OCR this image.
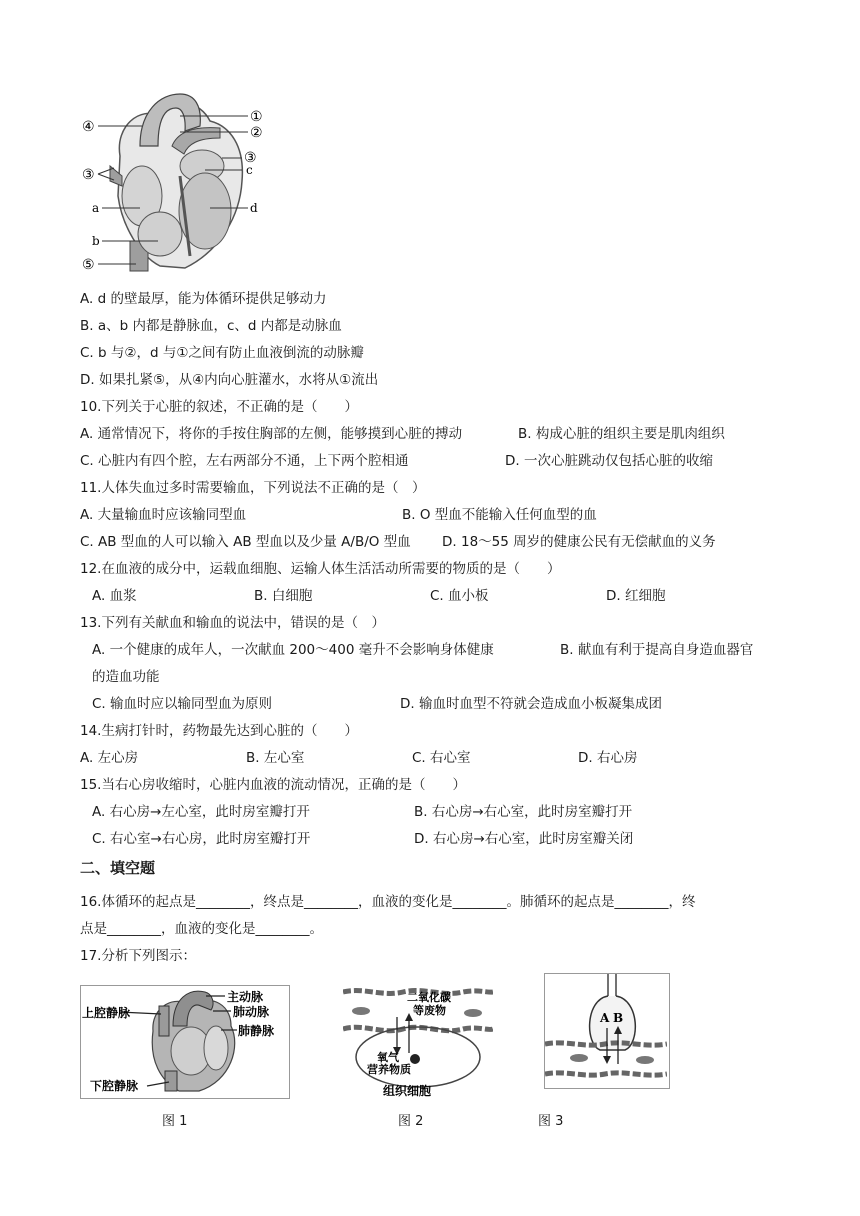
①
②
③
④
③
⑤
a
b
c
d
A. d 的壁最厚，能为体循环提供足够动力
B. a、b 内都是静脉血，c、d 内都是动脉血
C. b 与②，d 与①之间有防止血液倒流的动脉瓣
D. 如果扎紧⑤，从④内向心脏灌水，水将从①流出
10.下列关于心脏的叙述，不正确的是（　　）
A. 通常情况下，将你的手按住胸部的左侧，能够摸到心脏的搏动	B. 构成心脏的组织主要是肌肉组织
C. 心脏内有四个腔，左右两部分不通，上下两个腔相通	D. 一次心脏跳动仅包括心脏的收缩
11.人体失血过多时需要输血，下列说法不正确的是（　）
A. 大量输血时应该输同型血	B. O 型血不能输入任何血型的血
C. AB 型血的人可以输入 AB 型血以及少量 A/B/O 型血 D. 18～55 周岁的健康公民有无偿献血的义务
12.在血液的成分中，运载血细胞、运输人体生活活动所需要的物质的是（　　）
A. 血浆	B. 白细胞	C. 血小板	D. 红细胞
13.下列有关献血和输血的说法中，错误的是（　）
A. 一个健康的成年人，一次献血 200～400 毫升不会影响身体健康	B. 献血有利于提高自身造血器官
的造血功能
C. 输血时应以输同型血为原则	D. 输血时血型不符就会造成血小板凝集成团
14.生病打针时，药物最先达到心脏的（　　）
A. 左心房	B. 左心室	C. 右心室	D. 右心房
15.当右心房收缩时，心脏内血液的流动情况，正确的是（　　）
A. 右心房→左心室，此时房室瓣打开	B. 右心房→右心室，此时房室瓣打开
C. 右心室→右心房，此时房室瓣打开	D. 右心房→右心室，此时房室瓣关闭
二、填空题
16.体循环的起点是________，终点是________，血液的变化是________。肺循环的起点是________，终
点是________，血液的变化是________。
17.分析下列图示：
主动脉
上腔静脉	肺动脉
肺静脉
下腔静脉
图 1
二氧化碳
等废物
氧气
营养物质
组织细胞
图 2
A B
图 3
